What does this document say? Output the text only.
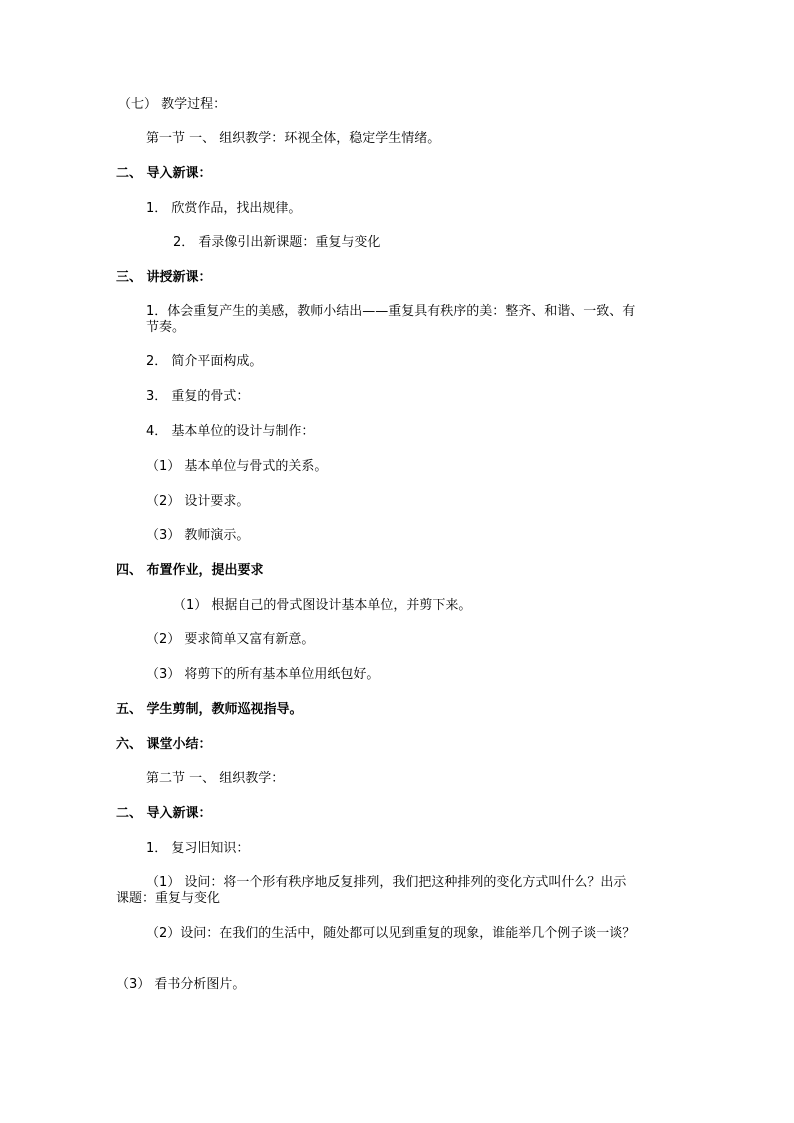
（七） 教学过程：
第一节 一、 组织教学：环视全体，稳定学生情绪。
二、 导入新课：
1． 欣赏作品，找出规律。
2． 看录像引出新课题：重复与变化
三、 讲授新课：
1．体会重复产生的美感，教师小结出——重复具有秩序的美：整齐、和谐、一致、有节奏。
2． 简介平面构成。
3． 重复的骨式：
4． 基本单位的设计与制作：
（1） 基本单位与骨式的关系。
（2） 设计要求。
（3） 教师演示。
四、 布置作业，提出要求
（1） 根据自己的骨式图设计基本单位，并剪下来。
（2） 要求简单又富有新意。
（3） 将剪下的所有基本单位用纸包好。
五、 学生剪制，教师巡视指导。
六、 课堂小结：
第二节 一、 组织教学：
二、 导入新课：
1． 复习旧知识：
（1） 设问：将一个形有秩序地反复排列，我们把这种排列的变化方式叫什么？出示课题：重复与变化
（2）设问：在我们的生活中，随处都可以见到重复的现象，谁能举几个例子谈一谈？
（3） 看书分析图片。
